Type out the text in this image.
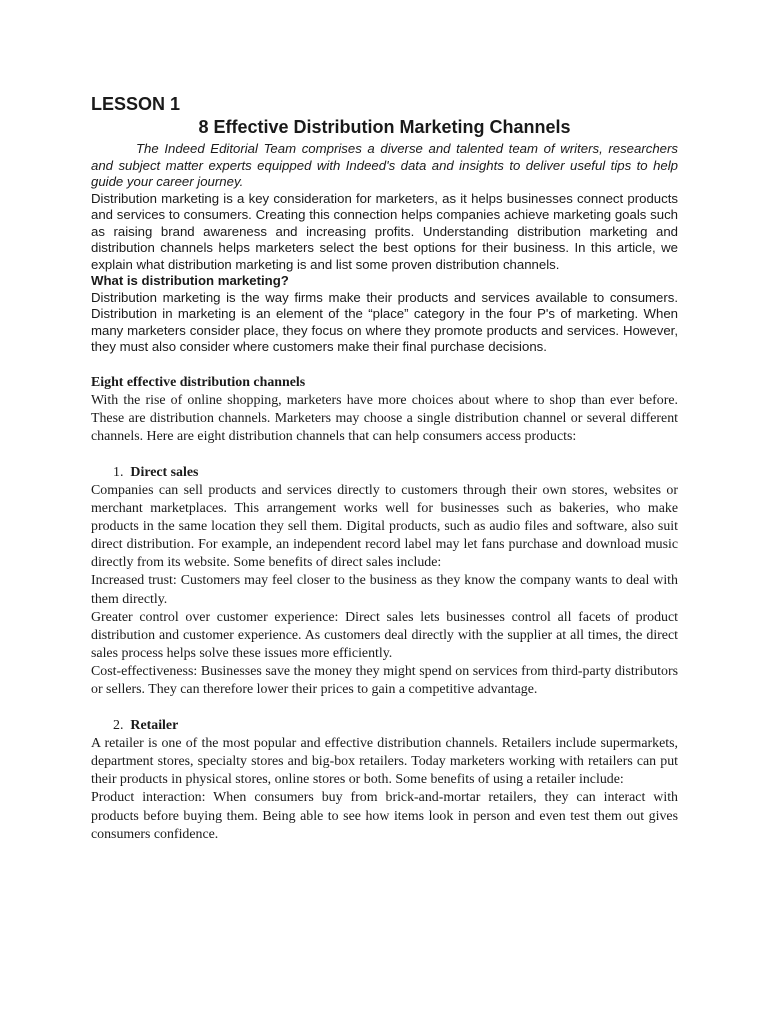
LESSON 1

8 Effective Distribution Marketing Channels

The Indeed Editorial Team comprises a diverse and talented team of writers, researchers and subject matter experts equipped with Indeed's data and insights to deliver useful tips to help guide your career journey.

Distribution marketing is a key consideration for marketers, as it helps businesses connect products and services to consumers. Creating this connection helps companies achieve marketing goals such as raising brand awareness and increasing profits. Understanding distribution marketing and distribution channels helps marketers select the best options for their business. In this article, we explain what distribution marketing is and list some proven distribution channels.

What is distribution marketing?

Distribution marketing is the way firms make their products and services available to consumers. Distribution in marketing is an element of the “place” category in the four P's of marketing. When many marketers consider place, they focus on where they promote products and services. However, they must also consider where customers make their final purchase decisions.

Eight effective distribution channels

With the rise of online shopping, marketers have more choices about where to shop than ever before. These are distribution channels. Marketers may choose a single distribution channel or several different channels. Here are eight distribution channels that can help consumers access products:

1. Direct sales

Companies can sell products and services directly to customers through their own stores, websites or merchant marketplaces. This arrangement works well for businesses such as bakeries, who make products in the same location they sell them. Digital products, such as audio files and software, also suit direct distribution. For example, an independent record label may let fans purchase and download music directly from its website. Some benefits of direct sales include:

Increased trust: Customers may feel closer to the business as they know the company wants to deal with them directly.

Greater control over customer experience: Direct sales lets businesses control all facets of product distribution and customer experience. As customers deal directly with the supplier at all times, the direct sales process helps solve these issues more efficiently.

Cost-effectiveness: Businesses save the money they might spend on services from third-party distributors or sellers. They can therefore lower their prices to gain a competitive advantage.

2. Retailer

A retailer is one of the most popular and effective distribution channels. Retailers include supermarkets, department stores, specialty stores and big-box retailers. Today marketers working with retailers can put their products in physical stores, online stores or both. Some benefits of using a retailer include:

Product interaction: When consumers buy from brick-and-mortar retailers, they can interact with products before buying them. Being able to see how items look in person and even test them out gives consumers confidence.
